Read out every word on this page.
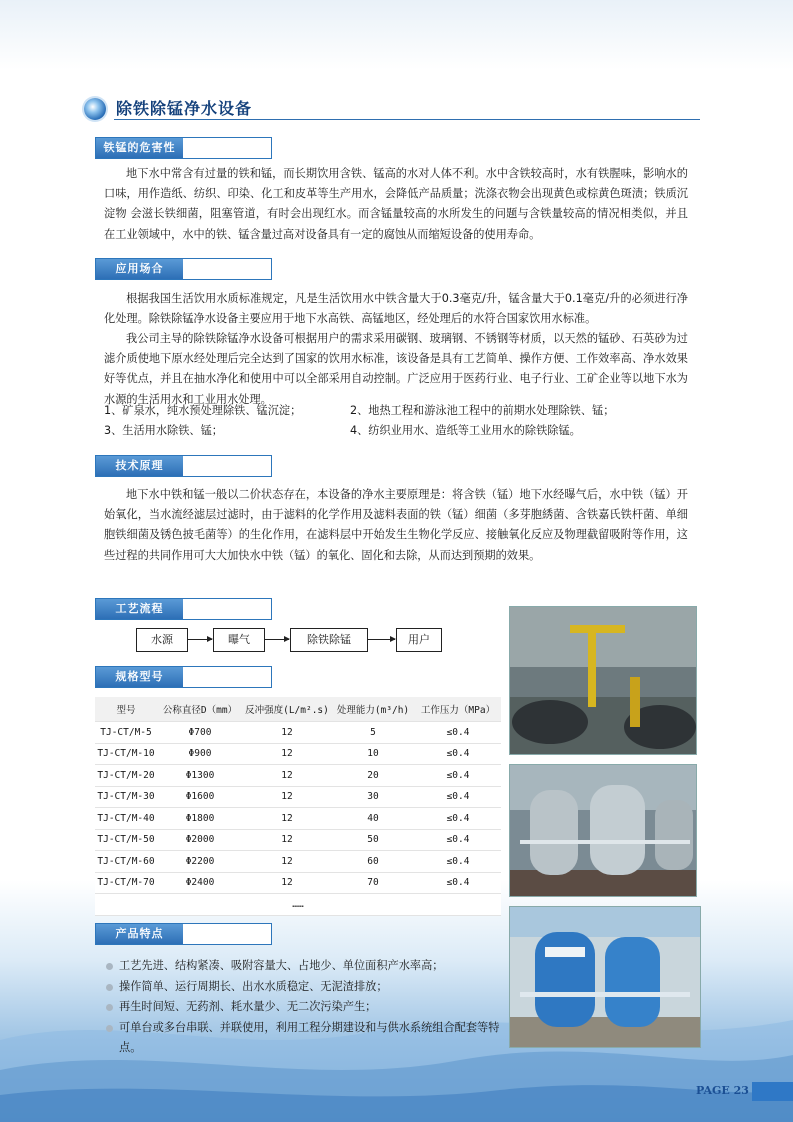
除铁除锰净水设备
铁锰的危害性
地下水中常含有过量的铁和锰，而长期饮用含铁、锰高的水对人体不利。水中含铁较高时，水有铁腥味，影响水的口味，用作造纸、纺织、印染、化工和皮革等生产用水，会降低产品质量；洗涤衣物会出现黄色或棕黄色斑渍；铁质沉淀物 会滋长铁细菌，阻塞管道，有时会出现红水。而含锰量较高的水所发生的问题与含铁量较高的情况相类似，并且在工业领域中，水中的铁、锰含量过高对设备具有一定的腐蚀从而缩短设备的使用寿命。
应用场合
根据我国生活饮用水质标准规定，凡是生活饮用水中铁含量大于0.3毫克/升，锰含量大于0.1毫克/升的必须进行净化处理。除铁除锰净水设备主要应用于地下水高铁、高锰地区，经处理后的水符合国家饮用水标准。
我公司主导的除铁除锰净水设备可根据用户的需求采用碳钢、玻璃钢、不锈钢等材质，以天然的锰砂、石英砂为过滤介质使地下原水经处理后完全达到了国家的饮用水标准，该设备是具有工艺简单、操作方便、工作效率高、净水效果好等优点，并且在抽水净化和使用中可以全部采用自动控制。广泛应用于医药行业、电子行业、工矿企业等以地下水为水源的生活用水和工业用水处理。
1、矿泉水，纯水预处理除铁、锰沉淀；	2、地热工程和游泳池工程中的前期水处理除铁、锰；
3、生活用水除铁、锰；	4、纺织业用水、造纸等工业用水的除铁除锰。
技术原理
地下水中铁和锰一般以二价状态存在，本设备的净水主要原理是：将含铁（锰）地下水经曝气后，水中铁（锰）开始氧化，当水流经滤层过滤时，由于滤料的化学作用及滤料表面的铁（锰）细菌（多芽胞綉菌、含铁嘉氏铁杆菌、单细胞铁细菌及锈色披毛菌等）的生化作用，在滤料层中开始发生生物化学反应、接触氧化反应及物理截留吸附等作用，这些过程的共同作用可大大加快水中铁（锰）的氧化、固化和去除，从而达到预期的效果。
工艺流程
水源	曝气	除铁除锰	用户
规格型号
型号	公称直径D（mm）	反冲强度(L/m².s)	处理能力(m³/h)	工作压力（MPa）
TJ-CT/M-5	Φ700	12	5	≤0.4
TJ-CT/M-10	Φ900	12	10	≤0.4
TJ-CT/M-20	Φ1300	12	20	≤0.4
TJ-CT/M-30	Φ1600	12	30	≤0.4
TJ-CT/M-40	Φ1800	12	40	≤0.4
TJ-CT/M-50	Φ2000	12	50	≤0.4
TJ-CT/M-60	Φ2200	12	60	≤0.4
TJ-CT/M-70	Φ2400	12	70	≤0.4
……				
产品特点
工艺先进、结构紧凑、吸附容量大、占地少、单位面积产水率高；
操作简单、运行周期长、出水水质稳定、无泥渣排放；
再生时间短、无药剂、耗水量少、无二次污染产生；
可单台或多台串联、并联使用，利用工程分期建设和与供水系统组合配套等特点。
PAGE 23
